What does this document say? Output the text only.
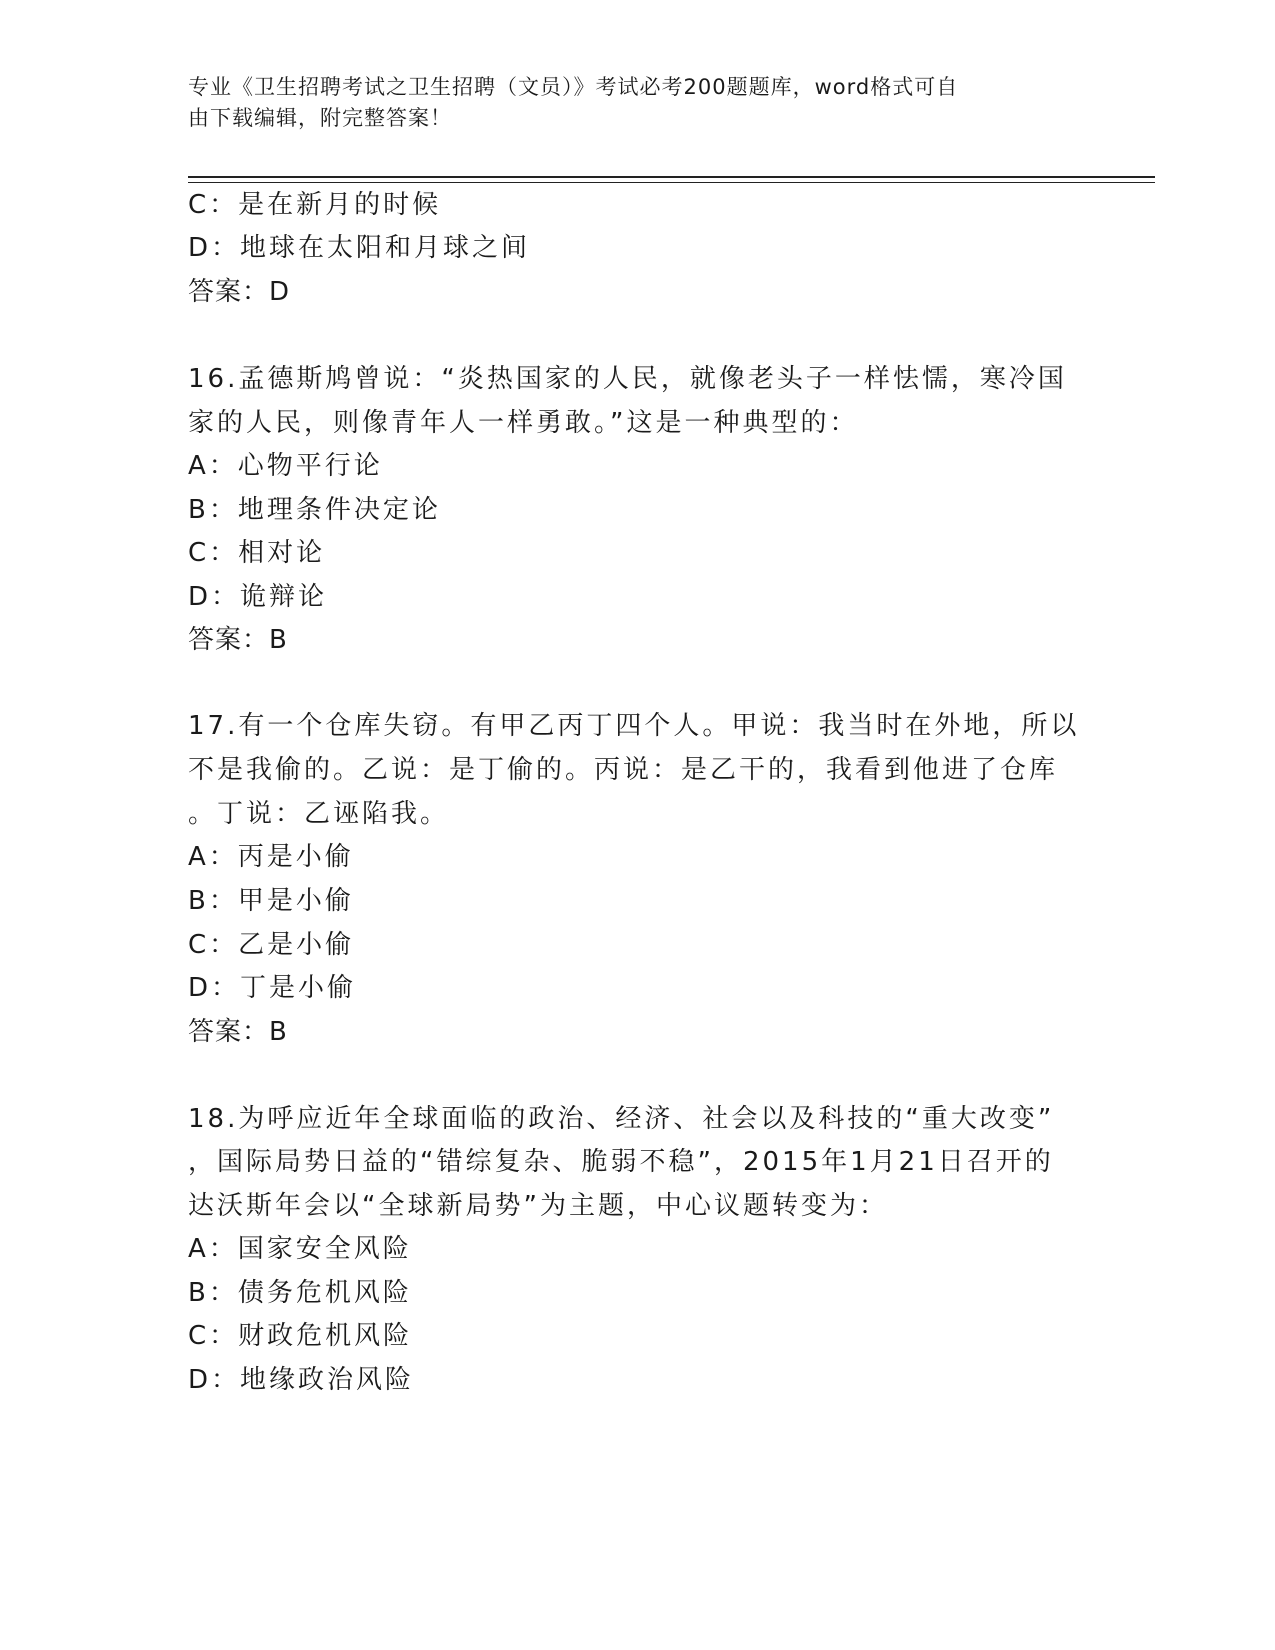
专业《卫生招聘考试之卫生招聘（文员）》考试必考200题题库，word格式可自
由下载编辑，附完整答案！
C：是在新月的时候
D：地球在太阳和月球之间
答案：D
16.孟德斯鸠曾说：“炎热国家的人民，就像老头子一样怯懦，寒冷国
家的人民，则像青年人一样勇敢。”这是一种典型的：
A：心物平行论
B：地理条件决定论
C：相对论
D：诡辩论
答案：B
17.有一个仓库失窃。有甲乙丙丁四个人。甲说：我当时在外地，所以
不是我偷的。乙说：是丁偷的。丙说：是乙干的，我看到他进了仓库
。丁说：乙诬陷我。
A：丙是小偷
B：甲是小偷
C：乙是小偷
D：丁是小偷
答案：B
18.为呼应近年全球面临的政治、经济、社会以及科技的“重大改变”
，国际局势日益的“错综复杂、脆弱不稳”，2015年1月21日召开的
达沃斯年会以“全球新局势”为主题，中心议题转变为：
A：国家安全风险
B：债务危机风险
C：财政危机风险
D：地缘政治风险
